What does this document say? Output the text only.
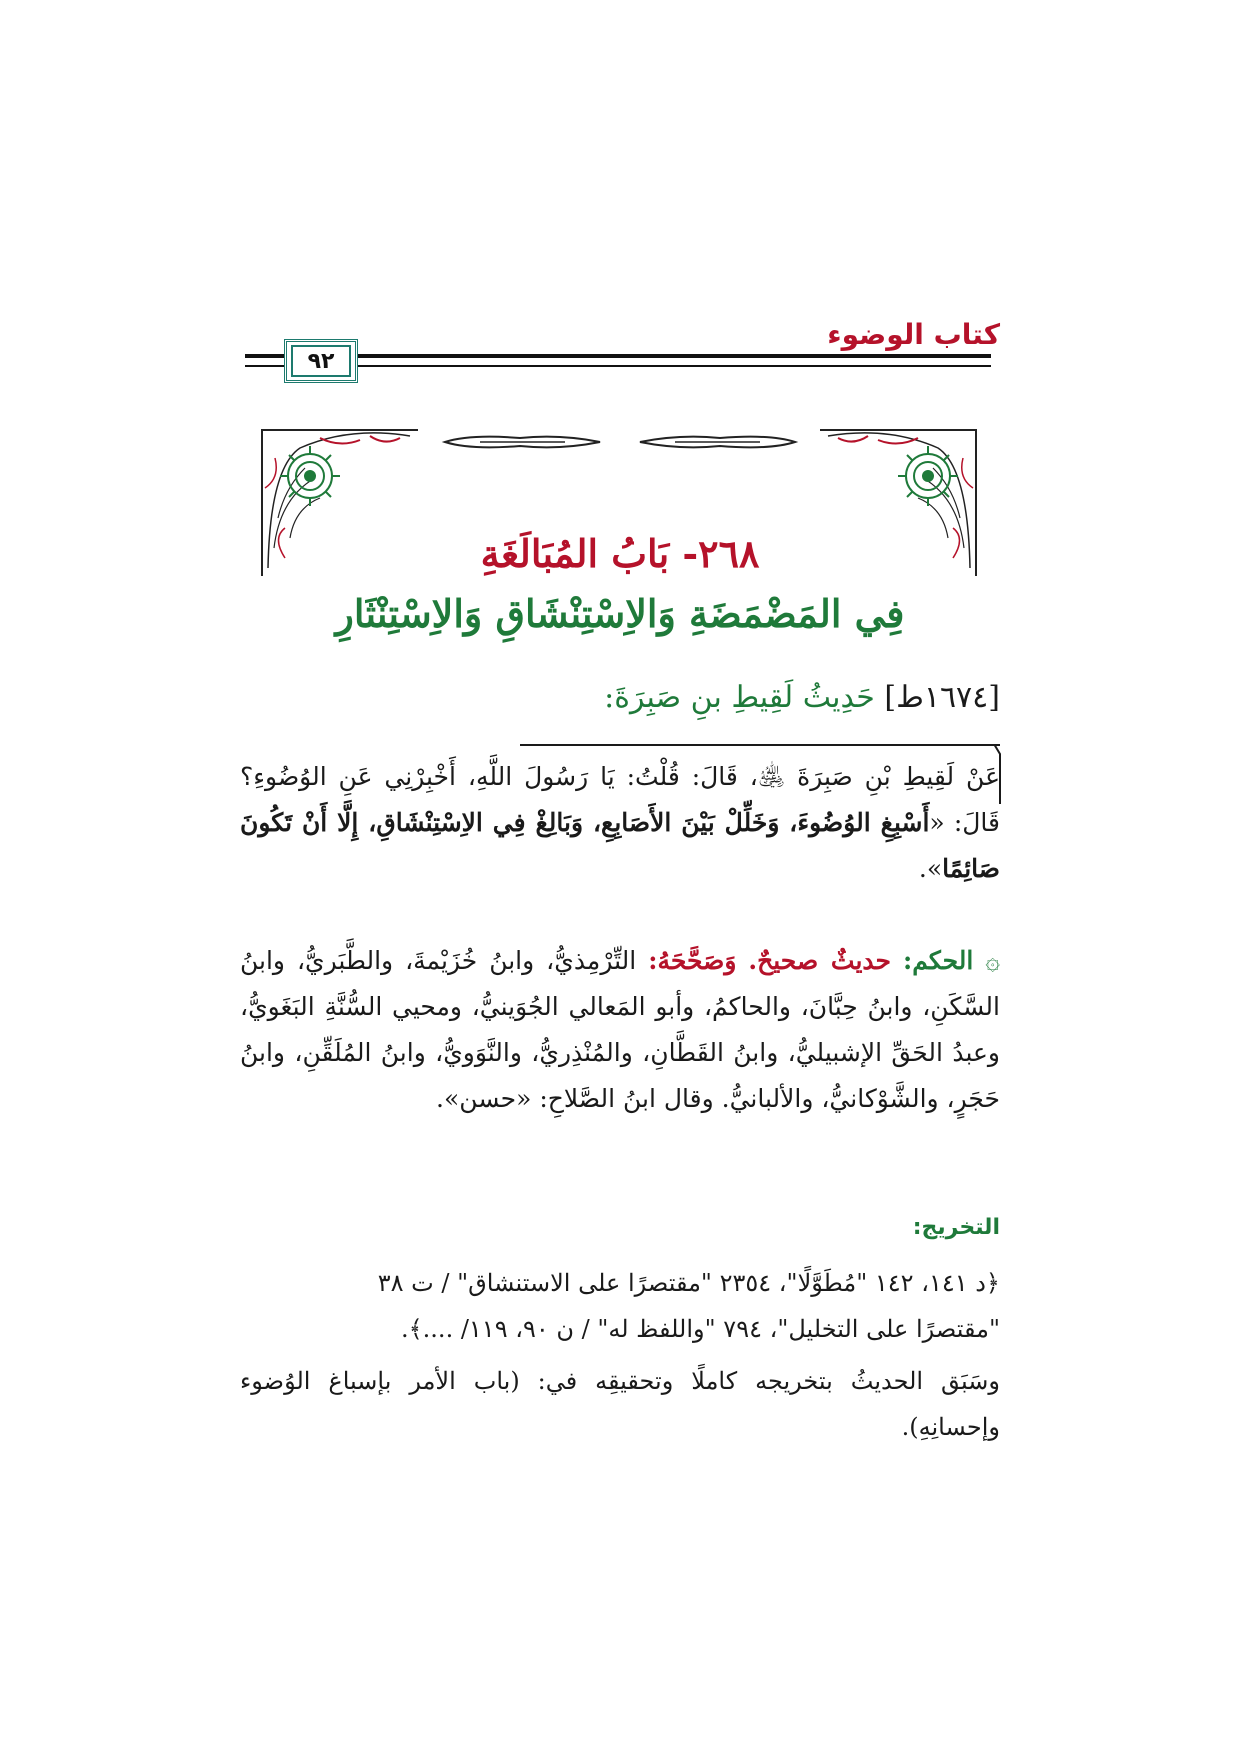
كتاب الوضوء
٩٢
٢٦٨- بَابُ المُبَالَغَةِ
فِي المَضْمَضَةِ وَالاِسْتِنْشَاقِ وَالاِسْتِنْثَارِ
[١٦٧٤ط] حَدِيثُ لَقِيطِ بنِ صَبِرَةَ:
عَنْ لَقِيطِ بْنِ صَبِرَةَ ﵁، قَالَ: قُلْتُ: يَا رَسُولَ اللَّهِ، أَخْبِرْنِي عَنِ الوُضُوءِ؟ قَالَ: «أَسْبِغِ الوُضُوءَ، وَخَلِّلْ بَيْنَ الأَصَابِعِ، وَبَالِغْ فِي الاِسْتِنْشَاقِ، إِلَّا أَنْ تَكُونَ صَائِمًا».
۞ الحكم: حديثٌ صحيحٌ. وَصَحَّحَهُ: التِّرْمِذيُّ، وابنُ خُزَيْمةَ، والطَّبَريُّ، وابنُ السَّكَنِ، وابنُ حِبَّانَ، والحاكمُ، وأبو المَعالي الجُوَينيُّ، ومحيي السُّنَّةِ البَغَويُّ، وعبدُ الحَقِّ الإشبيليُّ، وابنُ القَطَّانِ، والمُنْذِريُّ، والنَّوَويُّ، وابنُ المُلَقِّنِ، وابنُ حَجَرٍ، والشَّوْكانيُّ، والألبانيُّ. وقال ابنُ الصَّلاحِ: «حسن».
التخريج:
﴿د ١٤١، ١٤٢ "مُطَوَّلًا"، ٢٣٥٤ "مقتصرًا على الاستنشاق" / ت ٣٨
"مقتصرًا على التخليل"، ٧٩٤ "واللفظ له" / ن ٩٠، ١١٩/ ....﴾.
وسَبَق الحديثُ بتخريجه كاملًا وتحقيقِه في: (باب الأمر بإسباغ الوُضوء وإحسانِهِ).
